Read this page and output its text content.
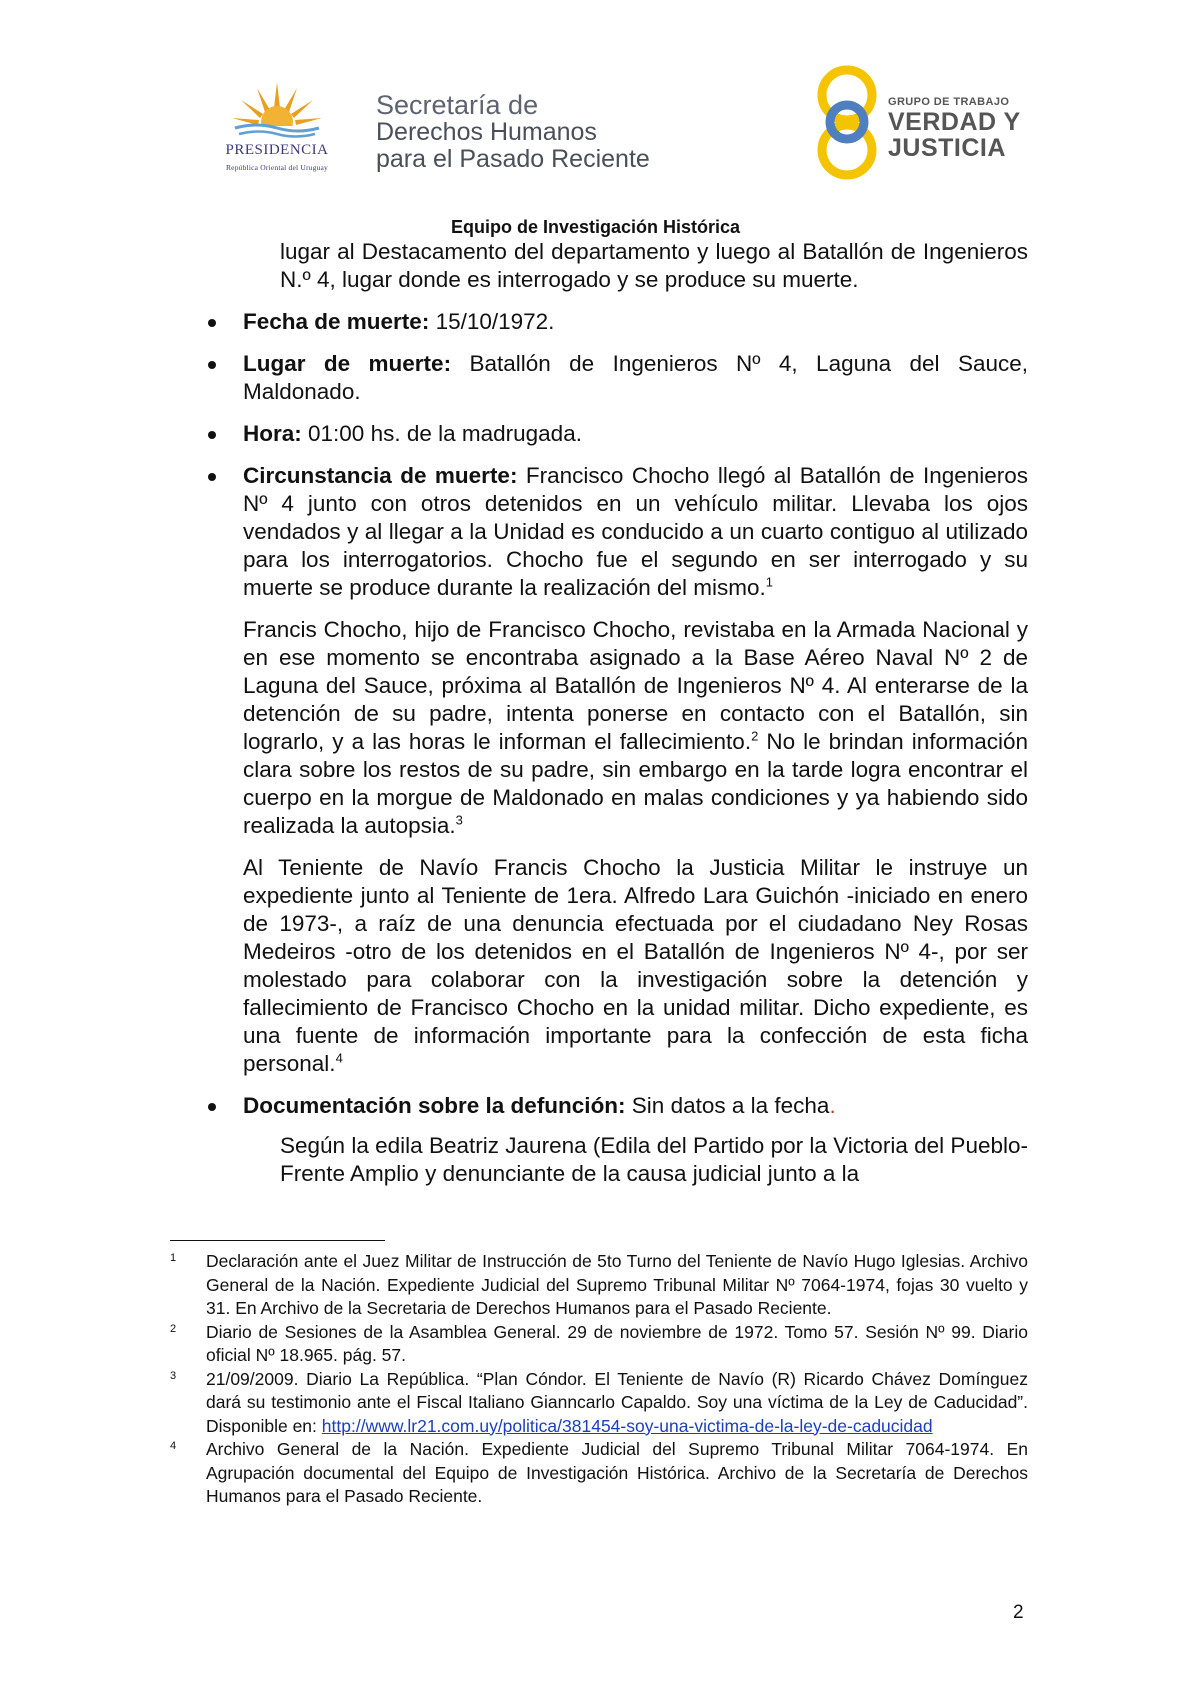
PRESIDENCIA
República Oriental del Uruguay
Secretaría de
Derechos Humanos
para el Pasado Reciente
GRUPO DE TRABAJO
VERDAD Y
JUSTICIA
Equipo de Investigación Histórica

lugar al Destacamento del departamento y luego al Batallón de Ingenieros N.º 4, lugar donde es interrogado y se produce su muerte.

Fecha de muerte: 15/10/1972.
Lugar de muerte: Batallón de Ingenieros Nº 4, Laguna del Sauce, Maldonado.
Hora: 01:00 hs. de la madrugada.
Circunstancia de muerte: Francisco Chocho llegó al Batallón de Ingenieros Nº 4 junto con otros detenidos en un vehículo militar. Llevaba los ojos vendados y al llegar a la Unidad es conducido a un cuarto contiguo al utilizado para los interrogatorios. Chocho fue el segundo en ser interrogado y su muerte se produce durante la realización del mismo.$^1$

Francis Chocho, hijo de Francisco Chocho, revistaba en la Armada Nacional y en ese momento se encontraba asignado a la Base Aéreo Naval Nº 2 de Laguna del Sauce, próxima al Batallón de Ingenieros Nº 4. Al enterarse de la detención de su padre, intenta ponerse en contacto con el Batallón, sin lograrlo, y a las horas le informan el fallecimiento.$^2$ No le brindan información clara sobre los restos de su padre, sin embargo en la tarde logra encontrar el cuerpo en la morgue de Maldonado en malas condiciones y ya habiendo sido realizada la autopsia.$^3$

Al Teniente de Navío Francis Chocho la Justicia Militar le instruye un expediente junto al Teniente de 1era. Alfredo Lara Guichón -iniciado en enero de 1973-, a raíz de una denuncia efectuada por el ciudadano Ney Rosas Medeiros -otro de los detenidos en el Batallón de Ingenieros Nº 4-, por ser molestado para colaborar con la investigación sobre la detención y fallecimiento de Francisco Chocho en la unidad militar. Dicho expediente, es una fuente de información importante para la confección de esta ficha personal.$^4$

Documentación sobre la defunción: Sin datos a la fecha.

Según la edila Beatriz Jaurena (Edila del Partido por la Victoria del Pueblo-Frente Amplio y denunciante de la causa judicial junto a la

1 Declaración ante el Juez Militar de Instrucción de 5to Turno del Teniente de Navío Hugo Iglesias. Archivo General de la Nación. Expediente Judicial del Supremo Tribunal Militar Nº 7064-1974, fojas 30 vuelto y 31. En Archivo de la Secretaria de Derechos Humanos para el Pasado Reciente.
2 Diario de Sesiones de la Asamblea General. 29 de noviembre de 1972. Tomo 57. Sesión Nº 99. Diario oficial Nº 18.965. pág. 57.
3 21/09/2009. Diario La República. “Plan Cóndor. El Teniente de Navío (R) Ricardo Chávez Domínguez dará su testimonio ante el Fiscal Italiano Gianncarlo Capaldo. Soy una víctima de la Ley de Caducidad”. Disponible en: http://www.lr21.com.uy/politica/381454-soy-una-victima-de-la-ley-de-caducidad
4 Archivo General de la Nación. Expediente Judicial del Supremo Tribunal Militar 7064-1974. En Agrupación documental del Equipo de Investigación Histórica. Archivo de la Secretaría de Derechos Humanos para el Pasado Reciente.
2
